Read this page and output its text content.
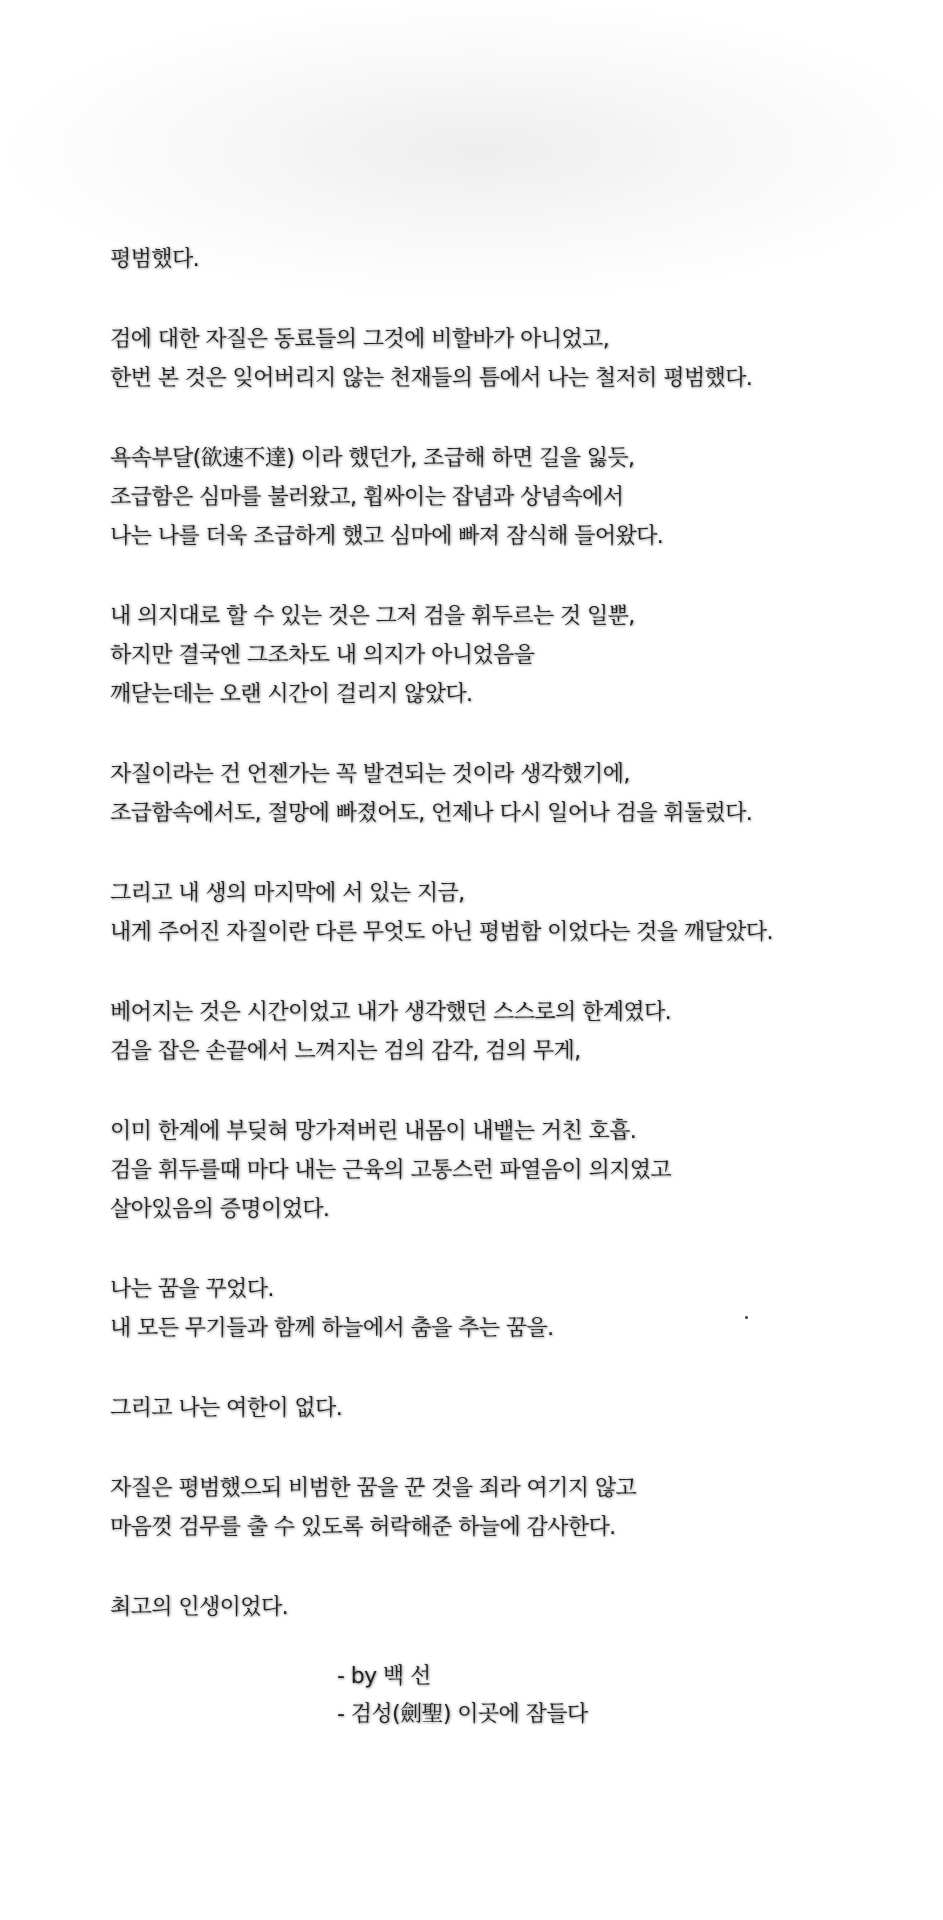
평범했다.
검에 대한 자질은 동료들의 그것에 비할바가 아니었고,
한번 본 것은 잊어버리지 않는 천재들의 틈에서 나는 철저히 평범했다.
욕속부달(欲速不達) 이라 했던가, 조급해 하면 길을 잃듯,
조급함은 심마를 불러왔고, 휩싸이는 잡념과 상념속에서
나는 나를 더욱 조급하게 했고 심마에 빠져 잠식해 들어왔다.
내 의지대로 할 수 있는 것은 그저 검을 휘두르는 것 일뿐,
하지만 결국엔 그조차도 내 의지가 아니었음을
깨닫는데는 오랜 시간이 걸리지 않았다.
자질이라는 건 언젠가는 꼭 발견되는 것이라 생각했기에,
조급함속에서도, 절망에 빠졌어도, 언제나 다시 일어나 검을 휘둘렀다.
그리고 내 생의 마지막에 서 있는 지금,
내게 주어진 자질이란 다른 무엇도 아닌 평범함 이었다는 것을 깨달았다.
베어지는 것은 시간이었고 내가 생각했던 스스로의 한계였다.
검을 잡은 손끝에서 느껴지는 검의 감각, 검의 무게,
이미 한계에 부딪혀 망가져버린 내몸이 내뱉는 거친 호흡.
검을 휘두를때 마다 내는 근육의 고통스런 파열음이 의지였고
살아있음의 증명이었다.
나는 꿈을 꾸었다.
내 모든 무기들과 함께 하늘에서 춤을 추는 꿈을.
그리고 나는 여한이 없다.
자질은 평범했으되 비범한 꿈을 꾼 것을 죄라 여기지 않고
마음껏 검무를 출 수 있도록 허락해준 하늘에 감사한다.
최고의 인생이었다.
- by 백 선
- 검성(劍聖) 이곳에 잠들다
